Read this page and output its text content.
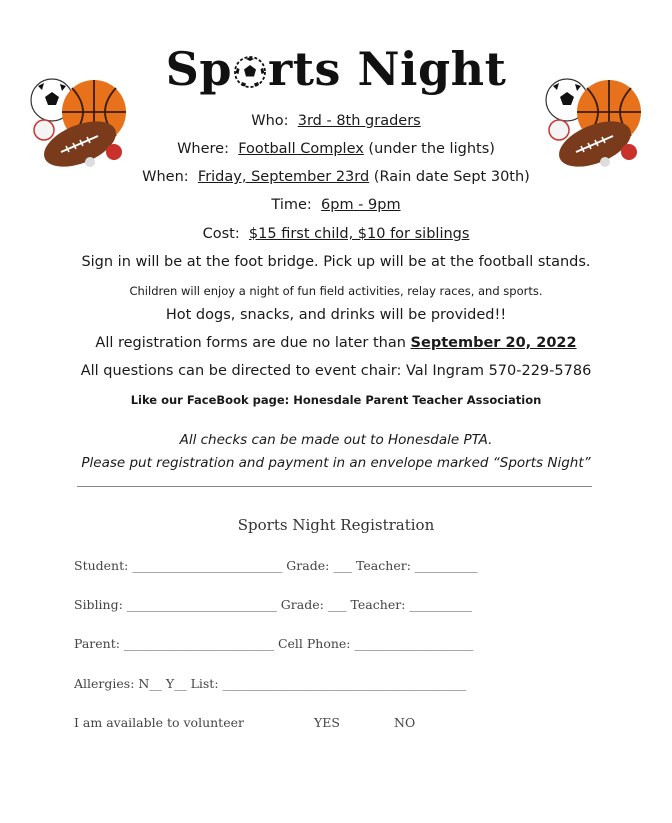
Sp rts Night
Who: 3rd - 8th graders
Where: Football Complex (under the lights)
When: Friday, September 23rd (Rain date Sept 30th)
Time: 6pm - 9pm
Cost: $15 first child, $10 for siblings
Sign in will be at the foot bridge. Pick up will be at the football stands.
Children will enjoy a night of fun field activities, relay races, and sports.
Hot dogs, snacks, and drinks will be provided!!
All registration forms are due no later than September 20, 2022
All questions can be directed to event chair: Val Ingram 570-229-5786
Like our FaceBook page: Honesdale Parent Teacher Association
All checks can be made out to Honesdale PTA.
Please put registration and payment in an envelope marked “Sports Night”
Sports Night Registration
Student: ________________________ Grade: ___ Teacher: __________
Sibling: ________________________ Grade: ___ Teacher: __________
Parent: ________________________ Cell Phone: ___________________
Allergies: N__ Y__ List: _______________________________________
I am available to volunteer	YES	NO
